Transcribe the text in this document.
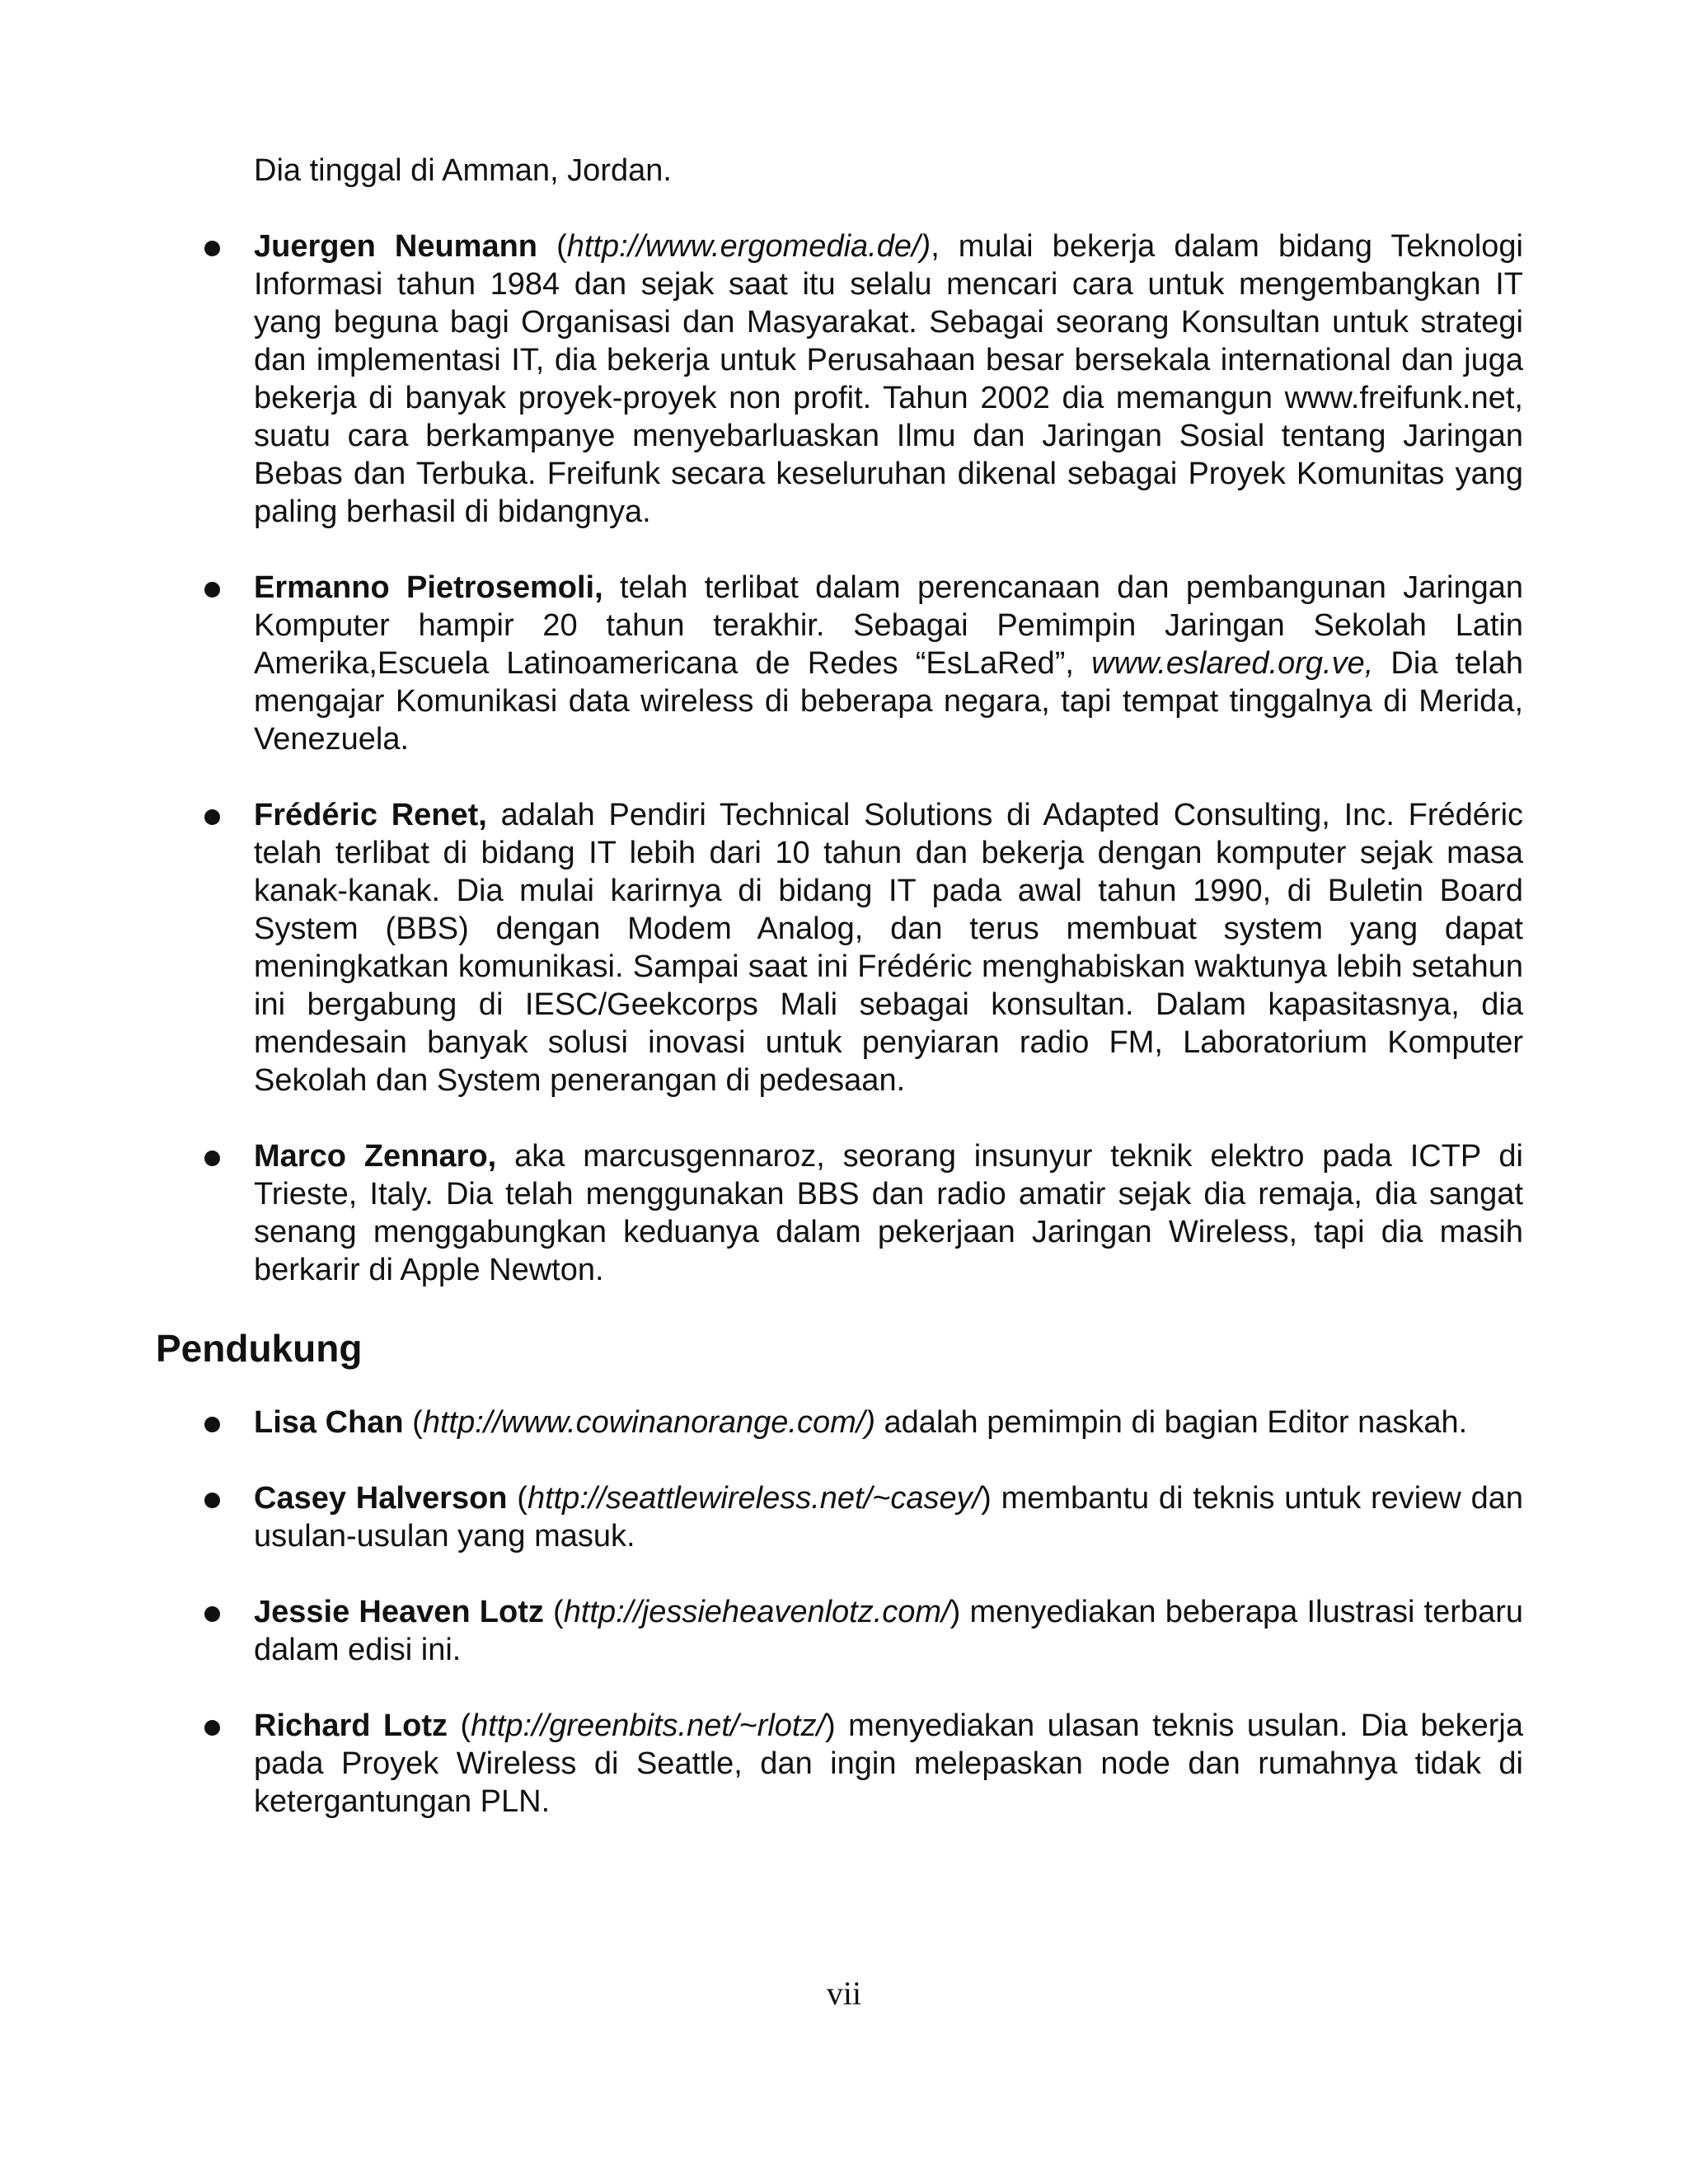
Dia tinggal di Amman, Jordan.

Juergen Neumann (http://www.ergomedia.de/), mulai bekerja dalam bidang Teknologi Informasi tahun 1984 dan sejak saat itu selalu mencari cara untuk mengembangkan IT yang beguna bagi Organisasi dan Masyarakat. Sebagai seorang Konsultan untuk strategi dan implementasi IT, dia bekerja untuk Perusahaan besar bersekala international dan juga bekerja di banyak proyek-proyek non profit. Tahun 2002 dia memangun www.freifunk.net, suatu cara berkampanye menyebarluaskan Ilmu dan Jaringan Sosial tentang Jaringan Bebas dan Terbuka. Freifunk secara keseluruhan dikenal sebagai Proyek Komunitas yang paling berhasil di bidangnya.

Ermanno Pietrosemoli, telah terlibat dalam perencanaan dan pembangunan Jaringan Komputer hampir 20 tahun terakhir. Sebagai Pemimpin Jaringan Sekolah Latin Amerika,Escuela Latinoamericana de Redes “EsLaRed”, www.eslared.org.ve, Dia telah mengajar Komunikasi data wireless di beberapa negara, tapi tempat tinggalnya di Merida, Venezuela.

Frédéric Renet, adalah Pendiri Technical Solutions di Adapted Consulting, Inc. Frédéric telah terlibat di bidang IT lebih dari 10 tahun dan bekerja dengan komputer sejak masa kanak-kanak. Dia mulai karirnya di bidang IT pada awal tahun 1990, di Buletin Board System (BBS) dengan Modem Analog, dan terus membuat system yang dapat meningkatkan komunikasi. Sampai saat ini Frédéric menghabiskan waktunya lebih setahun ini bergabung di IESC/Geekcorps Mali sebagai konsultan. Dalam kapasitasnya, dia mendesain banyak solusi inovasi untuk penyiaran radio FM, Laboratorium Komputer Sekolah dan System penerangan di pedesaan.

Marco Zennaro, aka marcusgennaroz, seorang insunyur teknik elektro pada ICTP di Trieste, Italy. Dia telah menggunakan BBS dan radio amatir sejak dia remaja, dia sangat senang menggabungkan keduanya dalam pekerjaan Jaringan Wireless, tapi dia masih berkarir di Apple Newton.

Pendukung

Lisa Chan (http://www.cowinanorange.com/) adalah pemimpin di bagian Editor naskah.

Casey Halverson (http://seattlewireless.net/~casey/) membantu di teknis untuk review dan usulan-usulan yang masuk.

Jessie Heaven Lotz (http://jessieheavenlotz.com/) menyediakan beberapa Ilustrasi terbaru dalam edisi ini.

Richard Lotz (http://greenbits.net/~rlotz/) menyediakan ulasan teknis usulan. Dia bekerja pada Proyek Wireless di Seattle, dan ingin melepaskan node dan rumahnya tidak di ketergantungan PLN.

vii
